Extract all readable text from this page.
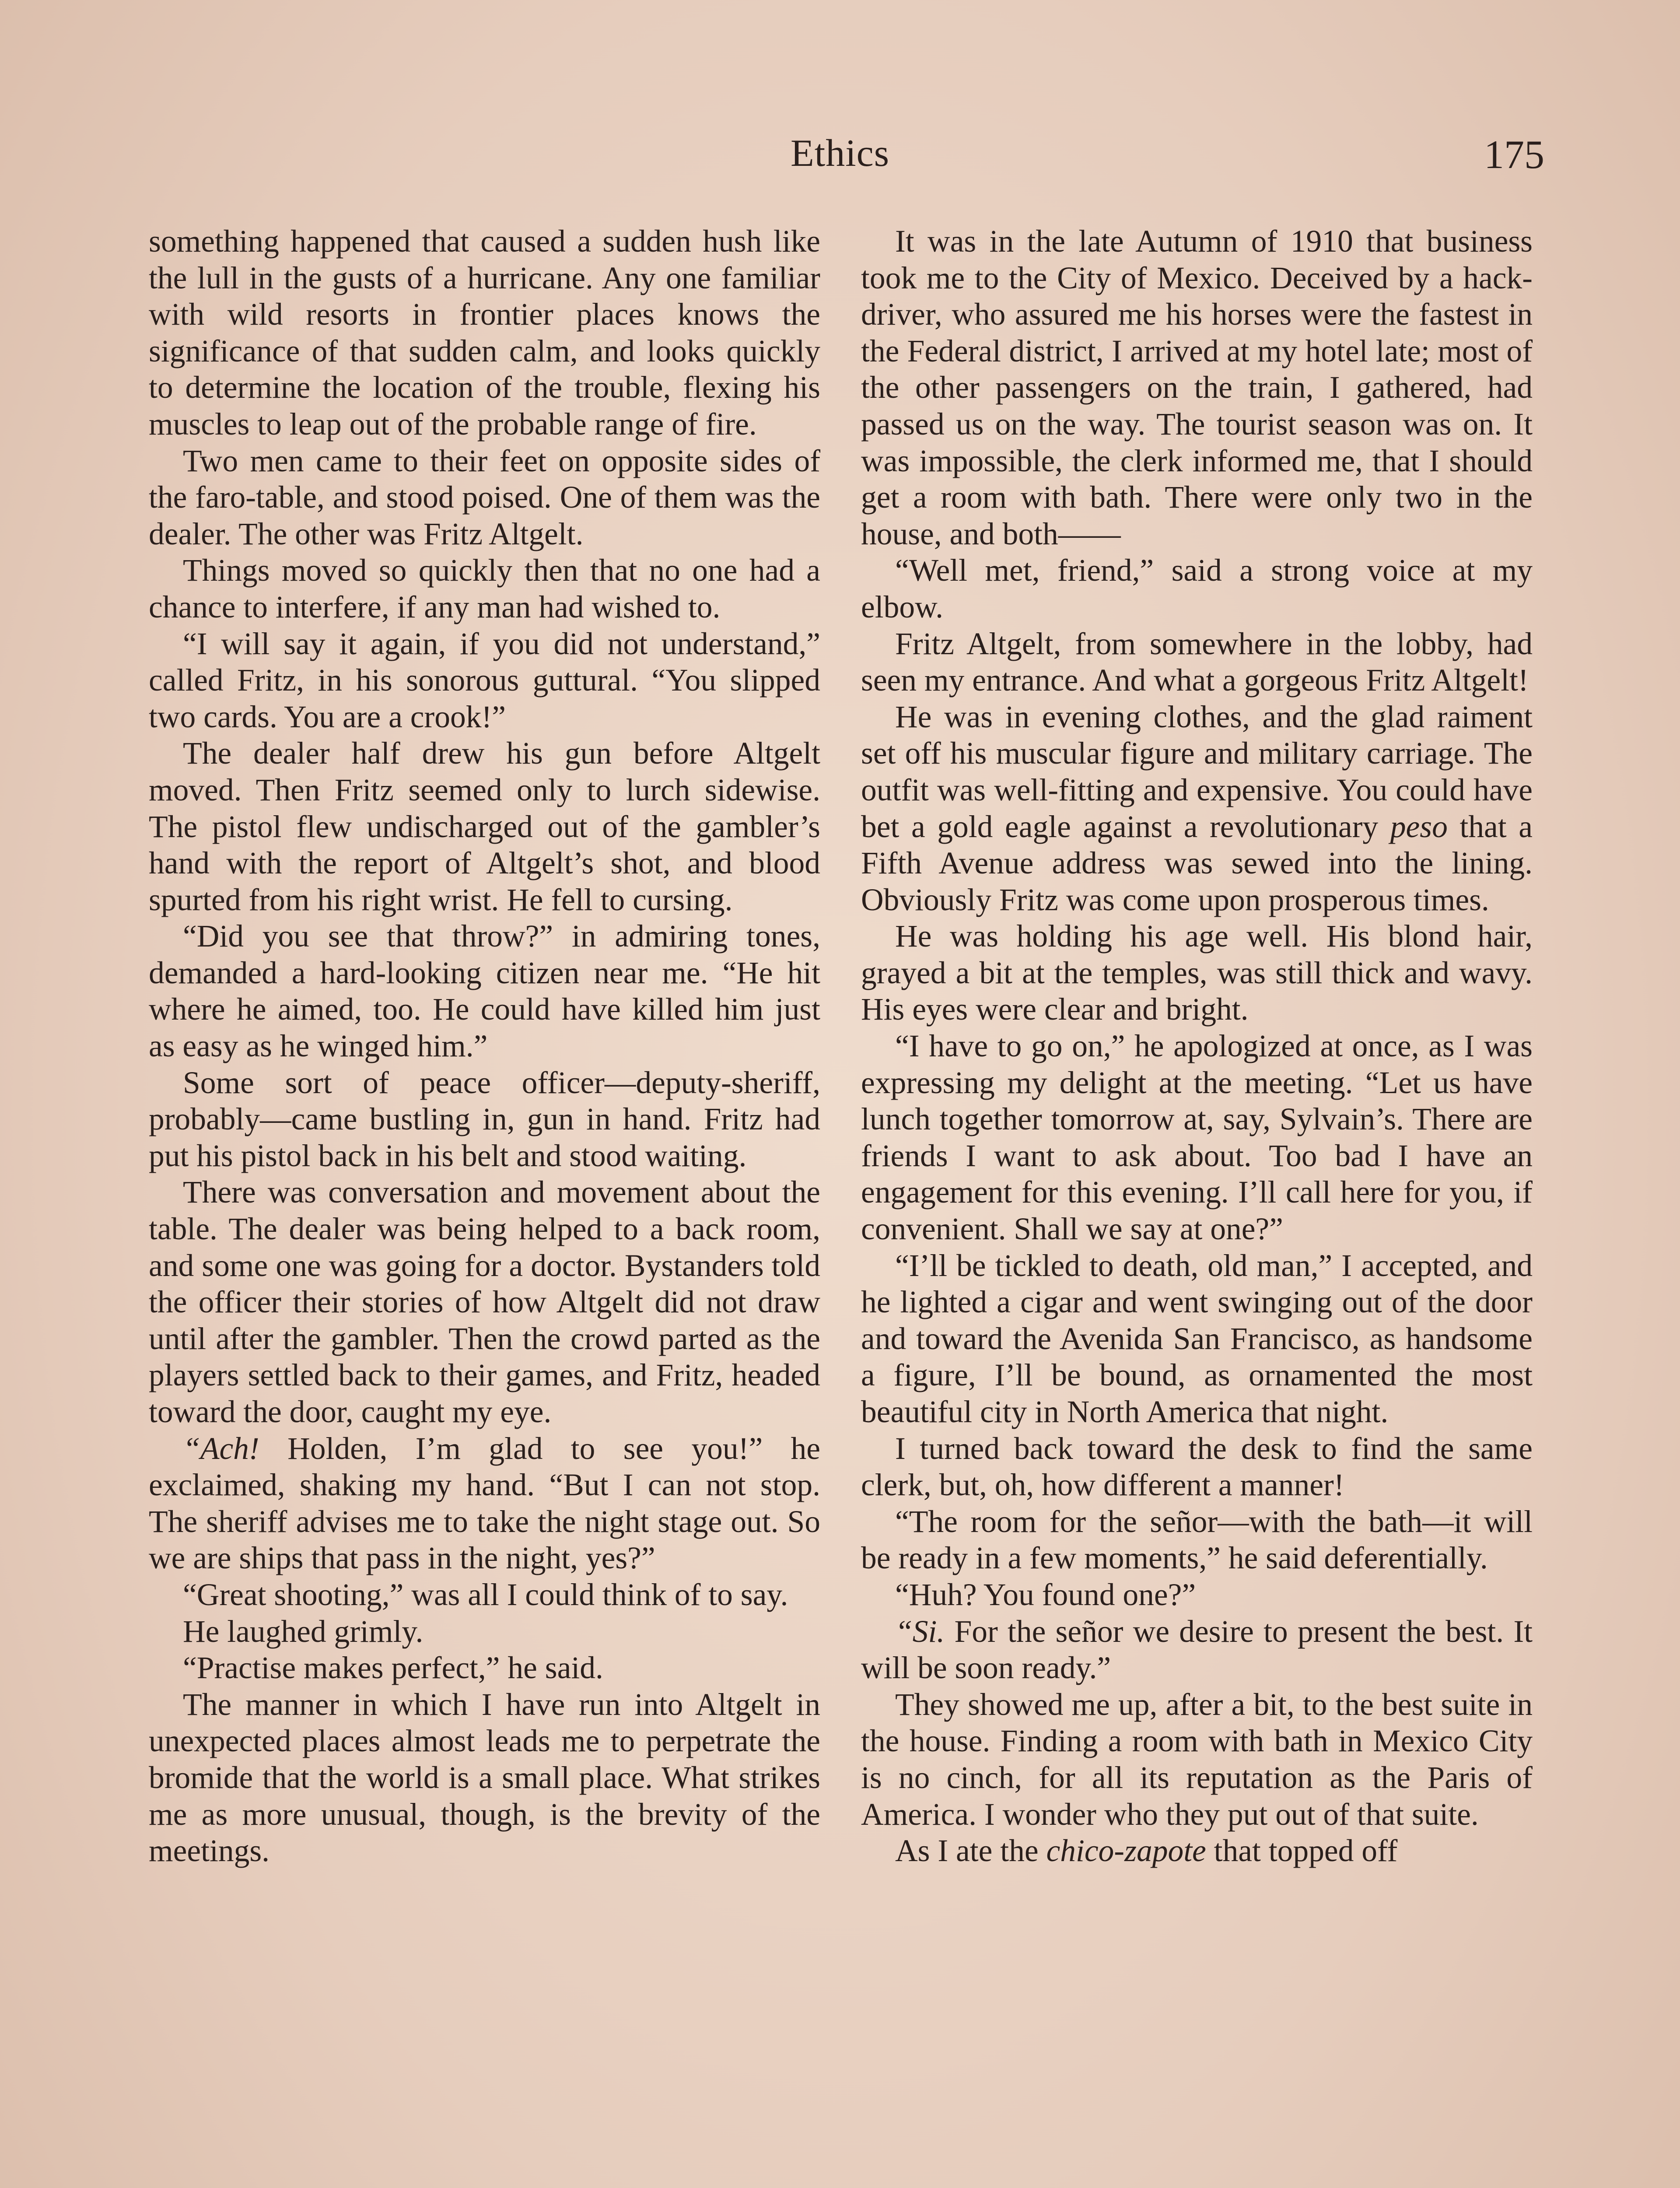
Ethics	175

something happened that caused a sudden hush like the lull in the gusts of a hurricane. Any one familiar with wild resorts in frontier places knows the significance of that sudden calm, and looks quickly to determine the location of the trouble, flexing his muscles to leap out of the probable range of fire.

Two men came to their feet on opposite sides of the faro-table, and stood poised. One of them was the dealer. The other was Fritz Altgelt.

Things moved so quickly then that no one had a chance to interfere, if any man had wished to.

“I will say it again, if you did not understand,” called Fritz, in his sonorous guttural. “You slipped two cards. You are a crook!”

The dealer half drew his gun before Altgelt moved. Then Fritz seemed only to lurch sidewise. The pistol flew undischarged out of the gambler’s hand with the report of Altgelt’s shot, and blood spurted from his right wrist. He fell to cursing.

“Did you see that throw?” in admiring tones, demanded a hard-looking citizen near me. “He hit where he aimed, too. He could have killed him just as easy as he winged him.”

Some sort of peace officer—deputy-sheriff, probably—came bustling in, gun in hand. Fritz had put his pistol back in his belt and stood waiting.

There was conversation and movement about the table. The dealer was being helped to a back room, and some one was going for a doctor. Bystanders told the officer their stories of how Altgelt did not draw until after the gambler. Then the crowd parted as the players settled back to their games, and Fritz, headed toward the door, caught my eye.

“Ach! Holden, I’m glad to see you!” he exclaimed, shaking my hand. “But I can not stop. The sheriff advises me to take the night stage out. So we are ships that pass in the night, yes?”

“Great shooting,” was all I could think of to say.

He laughed grimly.

“Practise makes perfect,” he said.

The manner in which I have run into Altgelt in unexpected places almost leads me to perpetrate the bromide that the world is a small place. What strikes me as more unusual, though, is the brevity of the meetings.

It was in the late Autumn of 1910 that business took me to the City of Mexico. Deceived by a hack-driver, who assured me his horses were the fastest in the Federal district, I arrived at my hotel late; most of the other passengers on the train, I gathered, had passed us on the way. The tourist season was on. It was impossible, the clerk informed me, that I should get a room with bath. There were only two in the house, and both——

“Well met, friend,” said a strong voice at my elbow.

Fritz Altgelt, from somewhere in the lobby, had seen my entrance. And what a gorgeous Fritz Altgelt!

He was in evening clothes, and the glad raiment set off his muscular figure and military carriage. The outfit was well-fitting and expensive. You could have bet a gold eagle against a revolutionary peso that a Fifth Avenue address was sewed into the lining. Obviously Fritz was come upon prosperous times.

He was holding his age well. His blond hair, grayed a bit at the temples, was still thick and wavy. His eyes were clear and bright.

“I have to go on,” he apologized at once, as I was expressing my delight at the meeting. “Let us have lunch together tomorrow at, say, Sylvain’s. There are friends I want to ask about. Too bad I have an engagement for this evening. I’ll call here for you, if convenient. Shall we say at one?”

“I’ll be tickled to death, old man,” I accepted, and he lighted a cigar and went swinging out of the door and toward the Avenida San Francisco, as handsome a figure, I’ll be bound, as ornamented the most beautiful city in North America that night.

I turned back toward the desk to find the same clerk, but, oh, how different a manner!

“The room for the señor—with the bath—it will be ready in a few moments,” he said deferentially.

“Huh? You found one?”

“Si. For the señor we desire to present the best. It will be soon ready.”

They showed me up, after a bit, to the best suite in the house. Finding a room with bath in Mexico City is no cinch, for all its reputation as the Paris of America. I wonder who they put out of that suite.

As I ate the chico-zapote that topped off
